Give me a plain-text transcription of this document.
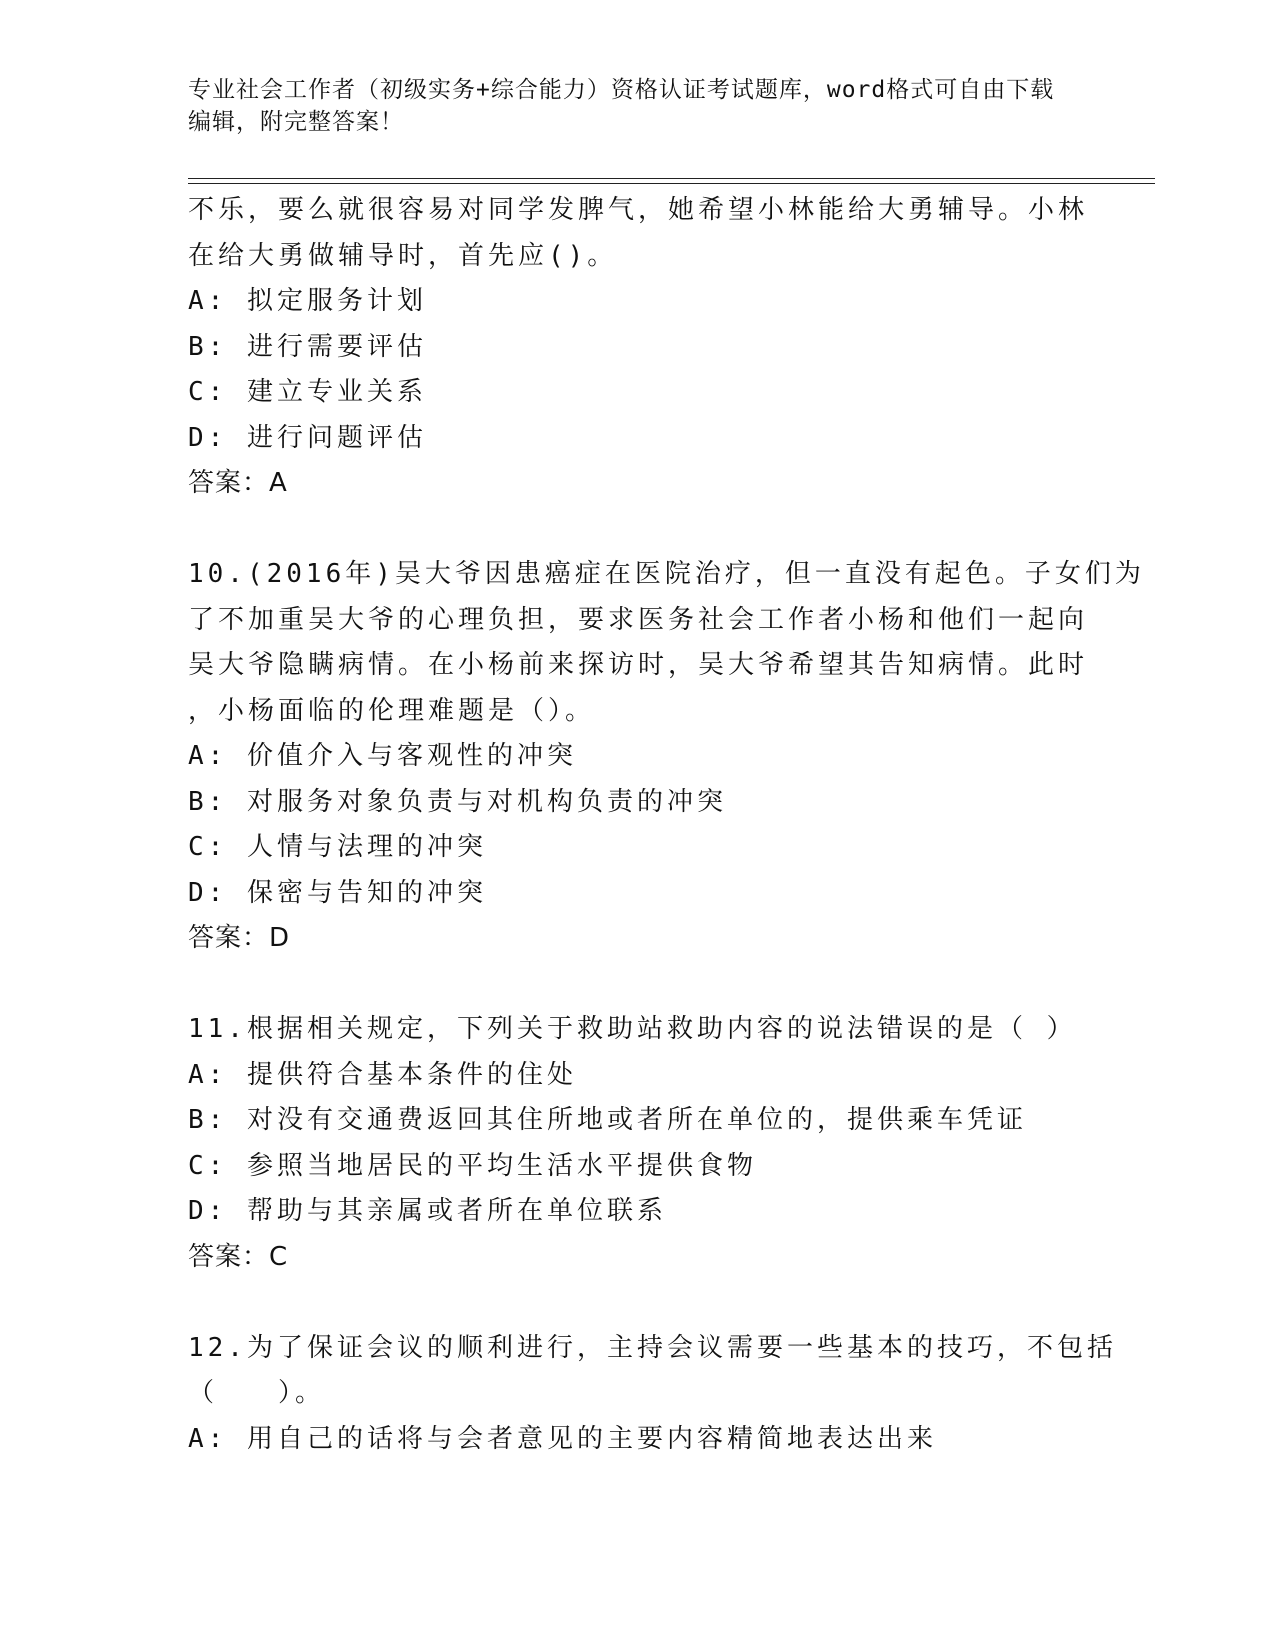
专业社会工作者（初级实务+综合能力）资格认证考试题库，word格式可自由下载
编辑，附完整答案！
不乐，要么就很容易对同学发脾气，她希望小林能给大勇辅导。小林
在给大勇做辅导时，首先应()。
A: 拟定服务计划
B: 进行需要评估
C: 建立专业关系
D: 进行问题评估
答案：A
10.(2016年)吴大爷因患癌症在医院治疗，但一直没有起色。子女们为
了不加重吴大爷的心理负担，要求医务社会工作者小杨和他们一起向
吴大爷隐瞒病情。在小杨前来探访时，吴大爷希望其告知病情。此时
，小杨面临的伦理难题是（）。
A: 价值介入与客观性的冲突
B: 对服务对象负责与对机构负责的冲突
C: 人情与法理的冲突
D: 保密与告知的冲突
答案：D
11.根据相关规定，下列关于救助站救助内容的说法错误的是（ ）
A: 提供符合基本条件的住处
B: 对没有交通费返回其住所地或者所在单位的，提供乘车凭证
C: 参照当地居民的平均生活水平提供食物
D: 帮助与其亲属或者所在单位联系
答案：C
12.为了保证会议的顺利进行，主持会议需要一些基本的技巧，不包括
（　　）。
A: 用自己的话将与会者意见的主要内容精简地表达出来
